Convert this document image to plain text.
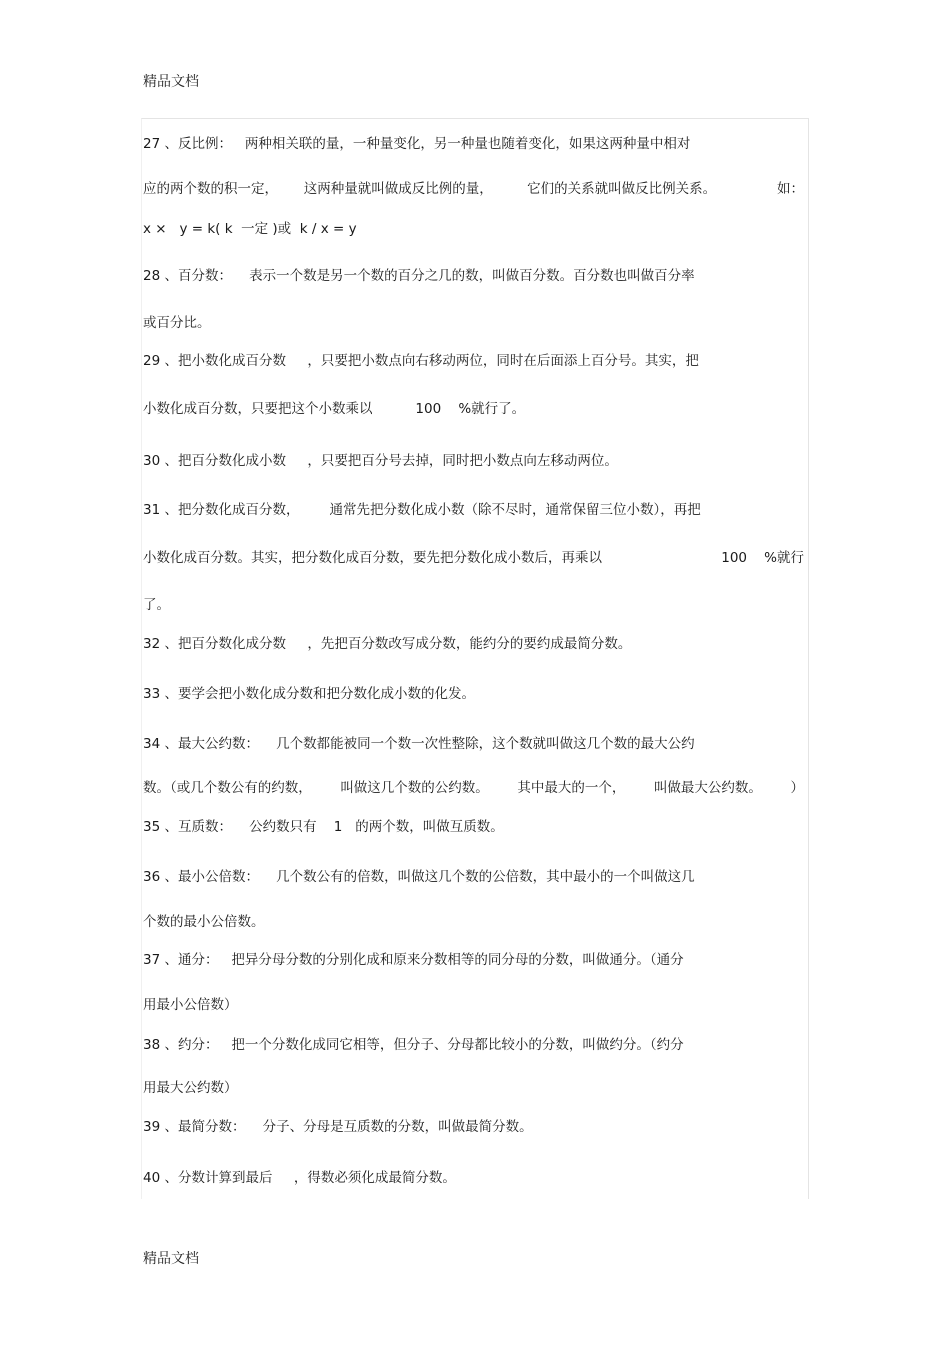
精品文档
27 、反比例：   两种相关联的量，一种量变化，另一种量也随着变化，如果这两种量中相对
应的两个数的积一定，      这两种量就叫做成反比例的量，        它们的关系就叫做反比例关系。	如：
x ×   y = k( k  一定 )或  k / x = y
28 、百分数：    表示一个数是另一个数的百分之几的数，叫做百分数。百分数也叫做百分率
或百分比。
29 、把小数化成百分数     ，只要把小数点向右移动两位，同时在后面添上百分号。其实，把
小数化成百分数，只要把这个小数乘以          100    %就行了。
30 、把百分数化成小数     ，只要把百分号去掉，同时把小数点向左移动两位。
31 、把分数化成百分数，       通常先把分数化成小数（除不尽时，通常保留三位小数），再把
小数化成百分数。其实，把分数化成百分数，要先把分数化成小数后，再乘以	100    %就行
了。
32 、把百分数化成分数     ，先把百分数改写成分数，能约分的要约成最简分数。
33 、要学会把小数化成分数和把分数化成小数的化发。
34 、最大公约数：    几个数都能被同一个数一次性整除，这个数就叫做这几个数的最大公约
数。（或几个数公有的约数， 叫做这几个数的公约数。 其中最大的一个， 叫做最大公约数。 ）
35 、互质数：    公约数只有    1   的两个数，叫做互质数。
36 、最小公倍数：    几个数公有的倍数，叫做这几个数的公倍数，其中最小的一个叫做这几
个数的最小公倍数。
37 、通分：   把异分母分数的分别化成和原来分数相等的同分母的分数，叫做通分。（通分
用最小公倍数）
38 、约分：   把一个分数化成同它相等，但分子、分母都比较小的分数，叫做约分。（约分
用最大公约数）
39 、最简分数：    分子、分母是互质数的分数，叫做最简分数。
40 、分数计算到最后     ，得数必须化成最简分数。
精品文档
